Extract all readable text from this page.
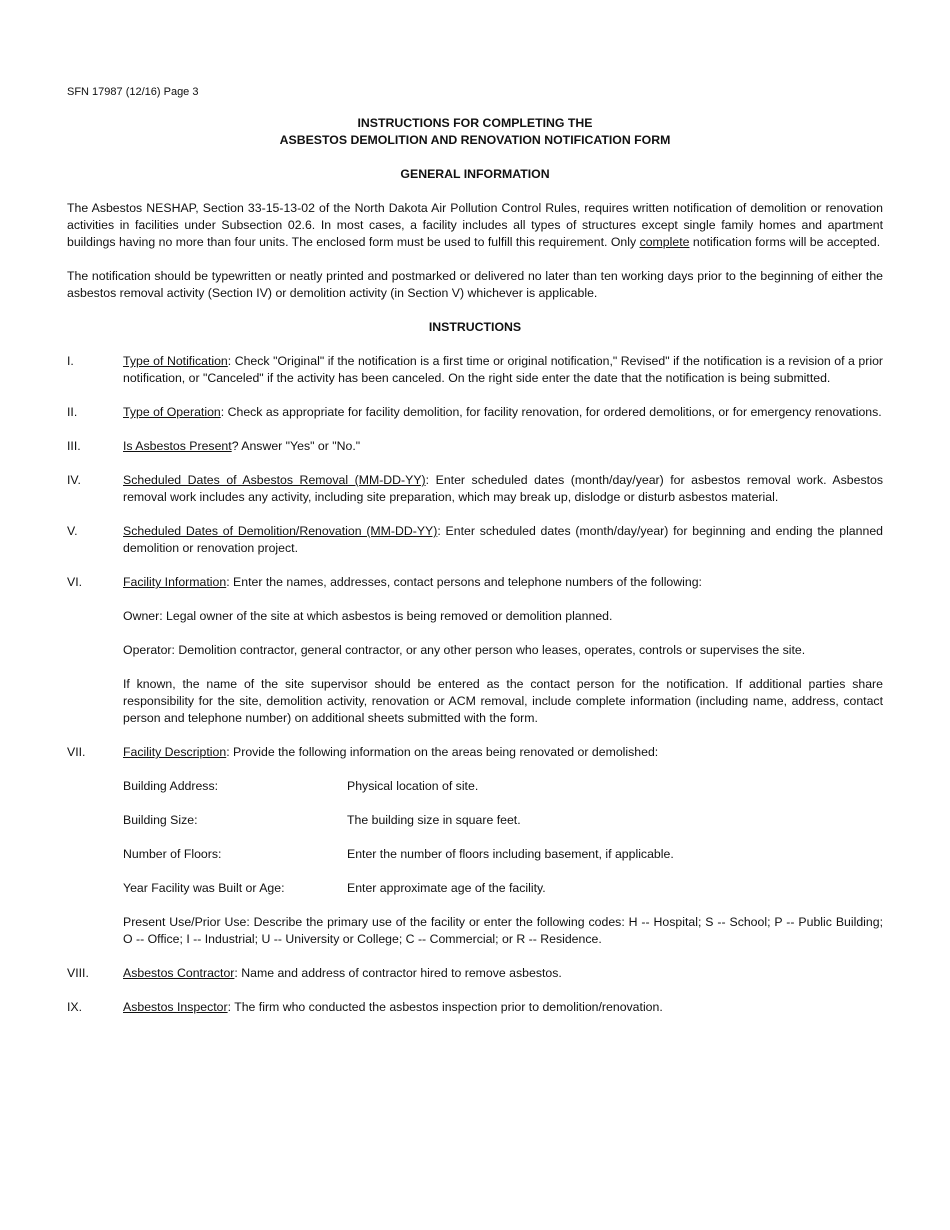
SFN 17987 (12/16) Page 3

INSTRUCTIONS FOR COMPLETING THE

ASBESTOS DEMOLITION AND RENOVATION NOTIFICATION FORM

GENERAL INFORMATION

The Asbestos NESHAP, Section 33-15-13-02 of the North Dakota Air Pollution Control Rules, requires written notification of demolition or renovation activities in facilities under Subsection 02.6. In most cases, a facility includes all types of structures except single family homes and apartment buildings having no more than four units. The enclosed form must be used to fulfill this requirement. Only complete notification forms will be accepted.

The notification should be typewritten or neatly printed and postmarked or delivered no later than ten working days prior to the beginning of either the asbestos removal activity (Section IV) or demolition activity (in Section V) whichever is applicable.

INSTRUCTIONS

I.	Type of Notification: Check "Original" if the notification is a first time or original notification," Revised" if the notification is a revision of a prior notification, or "Canceled" if the activity has been canceled. On the right side enter the date that the notification is being submitted.
II.	Type of Operation: Check as appropriate for facility demolition, for facility renovation, for ordered demolitions, or for emergency renovations.
III.	Is Asbestos Present? Answer "Yes" or "No."
IV.	Scheduled Dates of Asbestos Removal (MM-DD-YY): Enter scheduled dates (month/day/year) for asbestos removal work. Asbestos removal work includes any activity, including site preparation, which may break up, dislodge or disturb asbestos material.
V.	Scheduled Dates of Demolition/Renovation (MM-DD-YY): Enter scheduled dates (month/day/year) for beginning and ending the planned demolition or renovation project.
VI.	Facility Information: Enter the names, addresses, contact persons and telephone numbers of the following:

Owner: Legal owner of the site at which asbestos is being removed or demolition planned.

Operator: Demolition contractor, general contractor, or any other person who leases, operates, controls or supervises the site.

If known, the name of the site supervisor should be entered as the contact person for the notification. If additional parties share responsibility for the site, demolition activity, renovation or ACM removal, include complete information (including name, address, contact person and telephone number) on additional sheets submitted with the form.

VII.	Facility Description: Provide the following information on the areas being renovated or demolished:
Building Address:	Physical location of site.
Building Size:	The building size in square feet.
Number of Floors:	Enter the number of floors including basement, if applicable.
Year Facility was Built or Age:	Enter approximate age of the facility.

Present Use/Prior Use: Describe the primary use of the facility or enter the following codes: H -- Hospital; S -- School; P -- Public Building; O -- Office; I -- Industrial; U -- University or College; C -- Commercial; or R -- Residence.

VIII.	Asbestos Contractor: Name and address of contractor hired to remove asbestos.
IX.	Asbestos Inspector: The firm who conducted the asbestos inspection prior to demolition/renovation.
